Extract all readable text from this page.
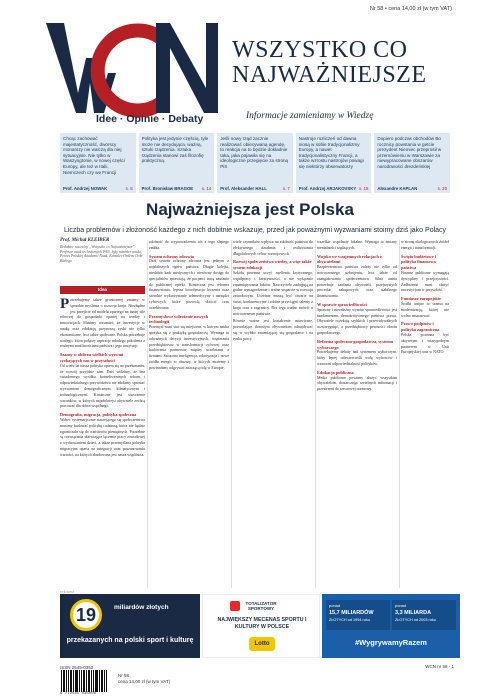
Nr 58 • cena 14,00 zł (w tym VAT)
WSZYSTKO CO
NAJWAŻNIEJSZE
Idee · Opinie · Debaty	Informacje zamieniamy w Wiedzę
Chcąc zachować majestatyczność, dworscy monarszy nie walczą dla niej sytuacyjnie. Nie tylko w Waszyngtonie, w nowej części Europy, ale też w Italii, Niemczech czy we Francji
Prof. Andrzej NOWAK	s. 8
Polityka jest jedynie częścią, tyle może nie decydująca, ważną, sztuki rządzenia. Sztuka rządzenia stanowi zaś filozofię praktyczną.
Prof. Bronisław BRAGOE s. 14
Jeśli nowy rząd zacznie realizować obiecywaną agendę, to reakcja na to będzie dokładnie taka, jaka pojawiła się na ideologiczne przegięcie za stroną PiS
Prof. Aleksander HALL	s. 7
Nastroje rozliczeń od dawna niosą w sobie tradycjonalizmy Europy, a nawet tradycjonalistyczny Francji, a także wzrostu nastrojów powagi się niektórzy obserwatorzy
Prof. Andrzej ARJAKOVSKY s. 15
Dopiero podczas obchodów Bo rocznicy powstania w getcie prezydent Niemiec przeprosił w przemówieniu w Warszawie za niewypracowane obszarów narodowości drezdeńskiej
Alexandre KAPLAN	s. 20
Najważniejsza jest Polska
Liczba problemów i złożoność każdego z nich dobitnie wskazuje, przed jak poważnymi wyzwaniami stoimy dziś jako Polacy
Prof. Michał KLEIBER
Redaktor naczelny „Wszystko co Najważniejsze”. Profesor nauk technicznych PAN, były minister nauki, Prezes Polskiej Akademii Nauk. Kawaler Orderu Orła Białego
Idea
Potrzebujemy także gruntownej zmiany w sposobie myślenia o rozwoju kraju. Niezbędne jest przejście od modelu opartego na taniej sile roboczej do gospodarki opartej na wiedzy i innowacjach. Musimy rozumieć, że inwestycje w naukę oraz edukację przynoszą zyski nie tylko ekonomiczne, lecz także społeczne. Polska potrzebuje strategii, która połączy aspiracje młodego pokolenia z realnymi możliwościami państwa i jego instytucji.
Szansy w obliczu wielkich wyzwań czekających nas w przyszłości
Od wielu lat nasza polityka opiera się na przekonaniu, że rozwój przyjdzie sam. Dziś widzimy, że bez świadomego wysiłku, konsekwentnych reform i odpowiedzialnego przywództwa nie zdołamy sprostać wyzwaniom demograficznym, klimatycznym i technologicznym. Konieczne jest stworzenie warunków, w których najzdolniejsi obywatele zechcą pracować dla dobra wspólnego.
Demografia, migracja, polityka społeczna
Wobec systematycznie starzejącego się społeczeństwa musimy budować politykę rodzinną, która nie będzie ograniczała się do transferów pieniężnych. Potrzebne są rozwiązania ułatwiające łączenie pracy zawodowej z wychowaniem dzieci, a także przemyślana polityka migracyjna oparta na integracji oraz poszanowaniu wartości, na których zbudowana jest nasza wspólnota.
zdolność do wyprowadzenia ich z tego ślepego zaułka.
System ochrony zdrowia
Dziś system ochrony zdrowia jest jednym z najsłabszych ogniw państwa. Długie kolejki, niedobór kadr medycznych i nierówny dostęp do specjalistów sprawiają, że pacjenci tracą zaufanie do publicznej opieki. Konieczna jest reforma finansowania, lepsza koordynacja leczenia oraz szerokie wykorzystanie telemedycyny i narzędzi cyfrowych, które pozwolą skrócić czas oczekiwania.
Przemysłowe wdrożenie nowych technologii
Przemysł musi stać się miejscem, w którym nauka spotyka się z praktyką gospodarczą. Wymaga to odważnych decyzji inwestycyjnych, wspierania przedsiębiorstw w transformacji cyfrowej oraz budowania partnerstw między uczelniami a firmami. Sztuczna inteligencja, robotyzacja i nowe źródła energii to obszary, w których możemy i powinniśmy odgrywać znaczącą rolę w Europie.
wiele czynników wpływa na zdolność państwa do efektywnego działania i realizowania długofalowych celów rozwojowych.
Rozwój społeczeństwa wiedzy, a więc także system edukacji
Szkoła powinna uczyć myślenia krytycznego, współpracy i kreatywności, a nie wyłącznie zapamiętywania faktów. Nauczyciele zasługują na godne wynagrodzenie i realne wsparcie w rozwoju zawodowym. Uczelnie muszą być otwarte na świat, konkurencyjne i zdolne przyciągać talenty z kraju oraz z zagranicy. Bez tego trudno mówić o nowoczesnym państwie.
Równie ważne jest kształcenie ustawiczne, pozwalające dorosłym obywatelom odnajdywać się w szybko zmieniającej się gospodarce i na rynku pracy.
wszelkie wspólnoty lokalne. Wymaga to zmiany mentalności rządzących.
Wojsko we wzajemnych relacjach z obywatelami
Bezpieczeństwo państwa zależy nie tylko od nowoczesnego uzbrojenia, lecz także od zaangażowania społeczeństwa. Silna armia potrzebuje zaufania obywateli, przejrzystych procedur zakupowych oraz stabilnego finansowania.
W sprawie sprawiedliwości
Sprawny i niezależny wymiar sprawiedliwości jest fundamentem demokratycznego państwa prawa. Obywatele oczekują szybkich i przewidywalnych rozstrzygnięć, a przedsiębiorcy pewności obrotu gospodarczego.
Reforma społeczno-gospodarcza, systemu wyborczego
Potrzebujemy debaty nad systemem wyborczym, który lepiej odzwierciedli wolę wyborców i wzmocni odpowiedzialność polityków.
Edukacja publiczna
Media publiczne powinny służyć wszystkim obywatelom, dostarczając rzetelnych informacji i przestrzeni do rzeczowej rozmowy.
w stronę ekologicznych źródeł energii i transformacji.
Święto budżetowe i polityka finansowa państwa
Finanse publiczne wymagają dyscypliny i przejrzystości. Zadłużenie musi służyć inwestycjom w przyszłość.
Fundusze europejskie
Środki unijne to szansa na modernizację, której nie wolno zmarnować.
Prawo podpisów i polityka zagraniczna
Polska powinna być aktywnym i wiarygodnym partnerem w Unii Europejskiej oraz w NATO.
reklama
19	miliardów złotych
przekazanych na polski sport i kulturę
TOTALIZATOR SPORTOWY
NAJWIĘKSZY MECENAS SPORTU I KULTURY W POLSCE
Lotto
ponad
15,7 MILIARDÓW
ZŁOTYCH od 1994 roku
ponad
3,3 MILIARDA
ZŁOTYCH od 2003 roku
#WygrywamyRazem
ISSN 2545-0352
9 772545 035009
Nr 58
cena 14,00 zł (w tym VAT)
WCN nr 58 · 1
